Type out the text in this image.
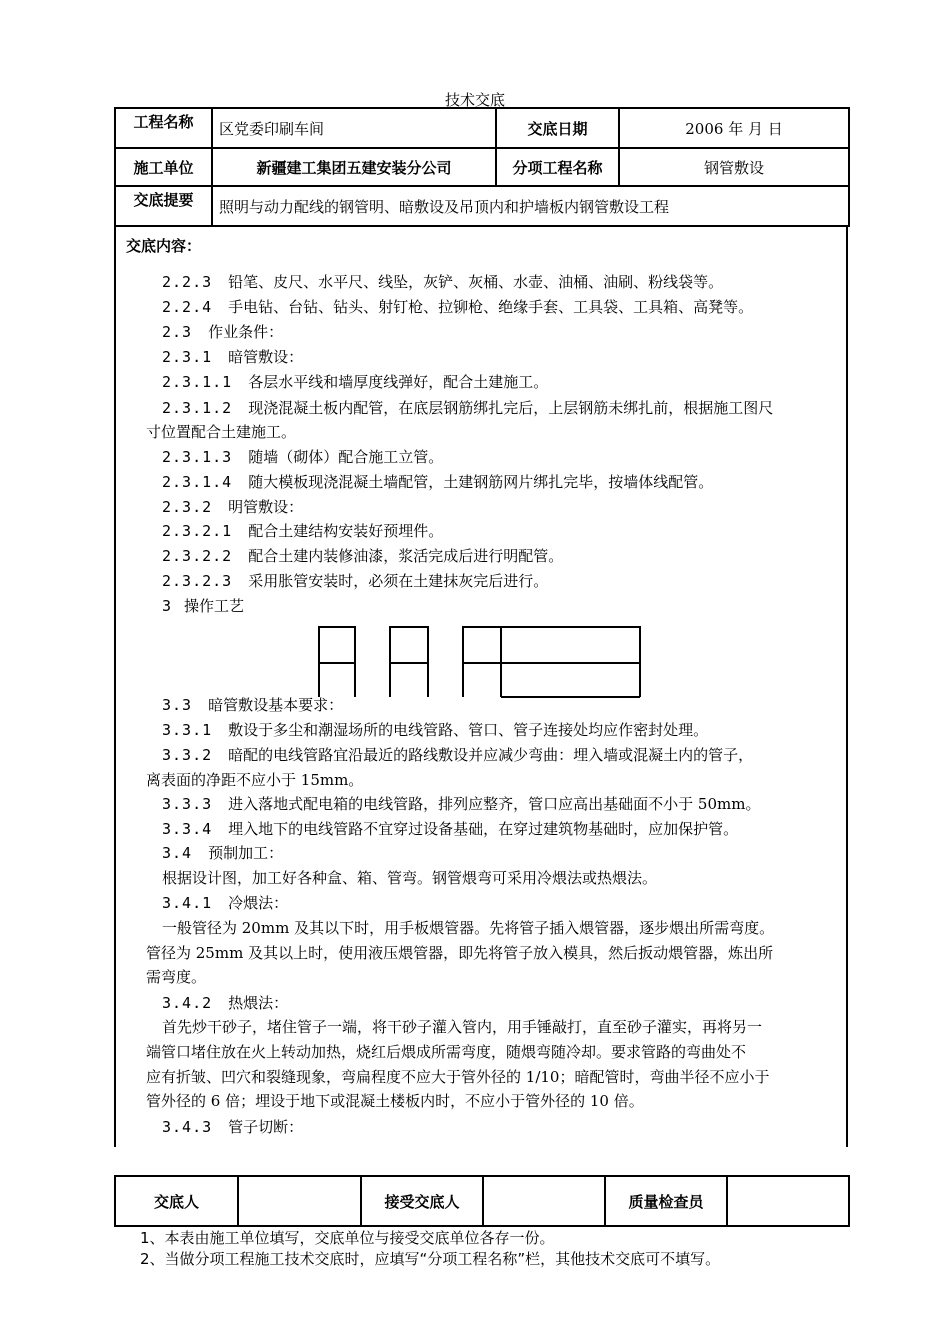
技术交底
工程名称	区党委印刷车间	交底日期	2006 年 月 日
施工单位	新疆建工集团五建安装分公司	分项工程名称	钢管敷设
交底提要	照明与动力配线的钢管明、暗敷设及吊顶内和护墙板内钢管敷设工程		
交底内容：
2.2.3 铅笔、皮尺、水平尺、线坠，灰铲、灰桶、水壶、油桶、油刷、粉线袋等。
2.2.4 手电钻、台钻、钻头、射钉枪、拉铆枪、绝缘手套、工具袋、工具箱、高凳等。
2.3 作业条件：
2.3.1 暗管敷设：
2.3.1.1 各层水平线和墙厚度线弹好，配合土建施工。
2.3.1.2 现浇混凝土板内配管，在底层钢筋绑扎完后，上层钢筋未绑扎前，根据施工图尺
寸位置配合土建施工。
2.3.1.3 随墙（砌体）配合施工立管。
2.3.1.4 随大模板现浇混凝土墙配管，土建钢筋网片绑扎完毕，按墙体线配管。
2.3.2 明管敷设：
2.3.2.1 配合土建结构安装好预埋件。
2.3.2.2 配合土建内装修油漆，浆活完成后进行明配管。
2.3.2.3 采用胀管安装时，必须在土建抹灰完后进行。
3 操作工艺
3.3 暗管敷设基本要求：
3.3.1 敷设于多尘和潮湿场所的电线管路、管口、管子连接处均应作密封处理。
3.3.2 暗配的电线管路宜沿最近的路线敷设并应减少弯曲：埋入墙或混凝土内的管子，
离表面的净距不应小于 15mm。
3.3.3 进入落地式配电箱的电线管路，排列应整齐，管口应高出基础面不小于 50mm。
3.3.4 埋入地下的电线管路不宜穿过设备基础，在穿过建筑物基础时，应加保护管。
3.4 预制加工：
根据设计图，加工好各种盒、箱、管弯。钢管煨弯可采用冷煨法或热煨法。
3.4.1 冷煨法：
一般管径为 20mm 及其以下时，用手板煨管器。先将管子插入煨管器，逐步煨出所需弯度。
管径为 25mm 及其以上时，使用液压煨管器，即先将管子放入模具，然后扳动煨管器，炼出所
需弯度。
3.4.2 热煨法：
首先炒干砂子，堵住管子一端，将干砂子灌入管内，用手锤敲打，直至砂子灌实，再将另一
端管口堵住放在火上转动加热，烧红后煨成所需弯度，随煨弯随冷却。要求管路的弯曲处不
应有折皱、凹穴和裂缝现象，弯扁程度不应大于管外径的 1/10；暗配管时，弯曲半径不应小于
管外径的 6 倍；埋设于地下或混凝土楼板内时，不应小于管外径的 10 倍。
3.4.3 管子切断：
交底人		接受交底人		质量检查员	
1、本表由施工单位填写，交底单位与接受交底单位各存一份。
2、当做分项工程施工技术交底时，应填写“分项工程名称”栏，其他技术交底可不填写。
